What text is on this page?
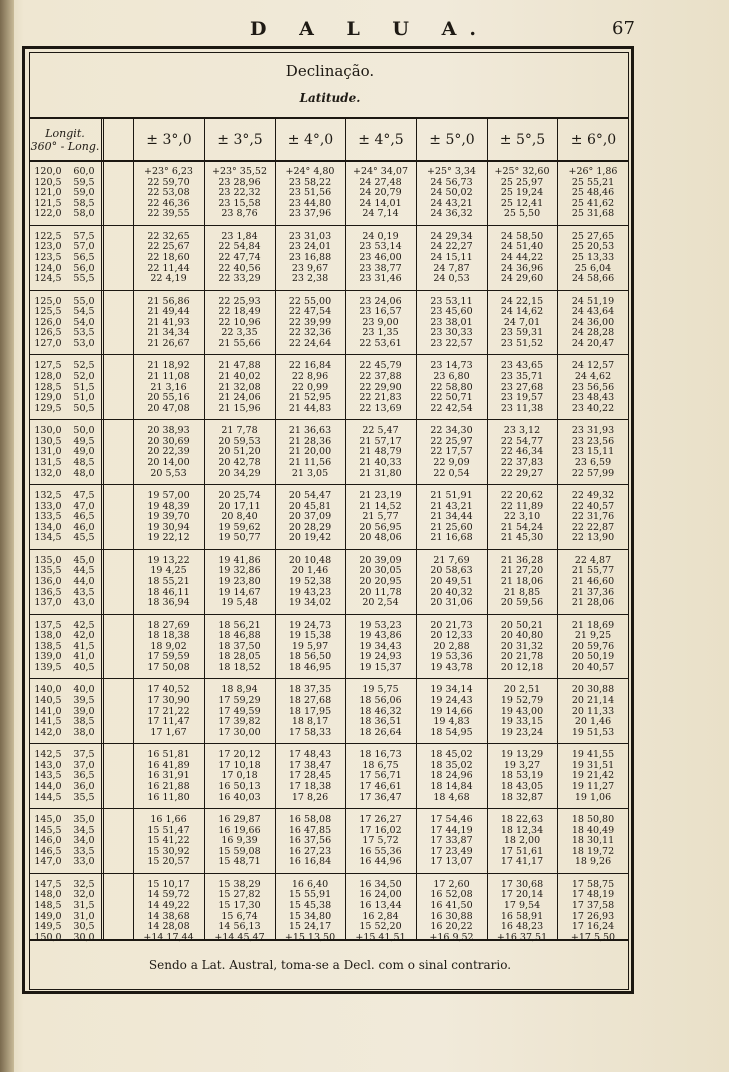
D A L U A.	67
Declinação.
Latitude.
Longit.
360° - Long.	± 3°,0	± 3°,5	± 4°,0	± 4°,5	± 5°,0	± 5°,5	± 6°,0
120,0	60,0	+23° 6,23	+23° 35,52	+24° 4,80	+24° 34,07	+25° 3,34	+25° 32,60	+26° 1,86
120,5	59,5	22 59,70	23 28,96	23 58,22	24 27,48	24 56,73	25 25,97	25 55,21
121,0	59,0	22 53,08	23 22,32	23 51,56	24 20,79	24 50,02	25 19,24	25 48,46
121,5	58,5	22 46,36	23 15,58	23 44,80	24 14,01	24 43,21	25 12,41	25 41,62
122,0	58,0	22 39,55	23 8,76	23 37,96	24 7,14	24 36,32	25 5,50	25 31,68
122,5	57,5	22 32,65	23 1,84	23 31,03	24 0,19	24 29,34	24 58,50	25 27,65
123,0	57,0	22 25,67	22 54,84	23 24,01	23 53,14	24 22,27	24 51,40	25 20,53
123,5	56,5	22 18,60	22 47,74	23 16,88	23 46,00	24 15,11	24 44,22	25 13,33
124,0	56,0	22 11,44	22 40,56	23 9,67	23 38,77	24 7,87	24 36,96	25 6,04
124,5	55,5	22 4,19	22 33,29	23 2,38	23 31,46	24 0,53	24 29,60	24 58,66
125,0	55,0	21 56,86	22 25,93	22 55,00	23 24,06	23 53,11	24 22,15	24 51,19
125,5	54,5	21 49,44	22 18,49	22 47,54	23 16,57	23 45,60	24 14,62	24 43,64
126,0	54,0	21 41,93	22 10,96	22 39,99	23 9,00	23 38,01	24 7,01	24 36,00
126,5	53,5	21 34,34	22 3,35	22 32,36	23 1,35	23 30,33	23 59,31	24 28,28
127,0	53,0	21 26,67	21 55,66	22 24,64	22 53,61	23 22,57	23 51,52	24 20,47
127,5	52,5	21 18,92	21 47,88	22 16,84	22 45,79	23 14,73	23 43,65	24 12,57
128,0	52,0	21 11,08	21 40,02	22 8,96	22 37,88	23 6,80	23 35,71	24 4,62
128,5	51,5	21 3,16	21 32,08	22 0,99	22 29,90	22 58,80	23 27,68	23 56,56
129,0	51,0	20 55,16	21 24,06	21 52,95	22 21,83	22 50,71	23 19,57	23 48,43
129,5	50,5	20 47,08	21 15,96	21 44,83	22 13,69	22 42,54	23 11,38	23 40,22
130,0	50,0	20 38,93	21 7,78	21 36,63	22 5,47	22 34,30	23 3,12	23 31,93
130,5	49,5	20 30,69	20 59,53	21 28,36	21 57,17	22 25,97	22 54,77	23 23,56
131,0	49,0	20 22,39	20 51,20	21 20,00	21 48,79	22 17,57	22 46,34	23 15,11
131,5	48,5	20 14,00	20 42,78	21 11,56	21 40,33	22 9,09	22 37,83	23 6,59
132,0	48,0	20 5,53	20 34,29	21 3,05	21 31,80	22 0,54	22 29,27	22 57,99
132,5	47,5	19 57,00	20 25,74	20 54,47	21 23,19	21 51,91	22 20,62	22 49,32
133,0	47,0	19 48,39	20 17,11	20 45,81	21 14,52	21 43,21	22 11,89	22 40,57
133,5	46,5	19 39,70	20 8,40	20 37,09	21 5,77	21 34,44	22 3,10	22 31,76
134,0	46,0	19 30,94	19 59,62	20 28,29	20 56,95	21 25,60	21 54,24	22 22,87
134,5	45,5	19 22,12	19 50,77	20 19,42	20 48,06	21 16,68	21 45,30	22 13,90
135,0	45,0	19 13,22	19 41,86	20 10,48	20 39,09	21 7,69	21 36,28	22 4,87
135,5	44,5	19 4,25	19 32,86	20 1,46	20 30,05	20 58,63	21 27,20	21 55,77
136,0	44,0	18 55,21	19 23,80	19 52,38	20 20,95	20 49,51	21 18,06	21 46,60
136,5	43,5	18 46,11	19 14,67	19 43,23	20 11,78	20 40,32	21 8,85	21 37,36
137,0	43,0	18 36,94	19 5,48	19 34,02	20 2,54	20 31,06	20 59,56	21 28,06
137,5	42,5	18 27,69	18 56,21	19 24,73	19 53,23	20 21,73	20 50,21	21 18,69
138,0	42,0	18 18,38	18 46,88	19 15,38	19 43,86	20 12,33	20 40,80	21 9,25
138,5	41,5	18 9,02	18 37,50	19 5,97	19 34,43	20 2,88	20 31,32	20 59,76
139,0	41,0	17 59,59	18 28,05	18 56,50	19 24,93	19 53,36	20 21,78	20 50,19
139,5	40,5	17 50,08	18 18,52	18 46,95	19 15,37	19 43,78	20 12,18	20 40,57
140,0	40,0	17 40,52	18 8,94	18 37,35	19 5,75	19 34,14	20 2,51	20 30,88
140,5	39,5	17 30,90	17 59,29	18 27,68	18 56,06	19 24,43	19 52,79	20 21,14
141,0	39,0	17 21,22	17 49,59	18 17,95	18 46,32	19 14,66	19 43,00	20 11,33
141,5	38,5	17 11,47	17 39,82	18 8,17	18 36,51	19 4,83	19 33,15	20 1,46
142,0	38,0	17 1,67	17 30,00	17 58,33	18 26,64	18 54,95	19 23,24	19 51,53
142,5	37,5	16 51,81	17 20,12	17 48,43	18 16,73	18 45,02	19 13,29	19 41,55
143,0	37,0	16 41,89	17 10,18	17 38,47	18 6,75	18 35,02	19 3,27	19 31,51
143,5	36,5	16 31,91	17 0,18	17 28,45	17 56,71	18 24,96	18 53,19	19 21,42
144,0	36,0	16 21,88	16 50,13	17 18,38	17 46,61	18 14,84	18 43,05	19 11,27
144,5	35,5	16 11,80	16 40,03	17 8,26	17 36,47	18 4,68	18 32,87	19 1,06
145,0	35,0	16 1,66	16 29,87	16 58,08	17 26,27	17 54,46	18 22,63	18 50,80
145,5	34,5	15 51,47	16 19,66	16 47,85	17 16,02	17 44,19	18 12,34	18 40,49
146,0	34,0	15 41,22	16 9,39	16 37,56	17 5,72	17 33,87	18 2,00	18 30,11
146,5	33,5	15 30,92	15 59,08	16 27,23	16 55,36	17 23,49	17 51,61	18 19,72
147,0	33,0	15 20,57	15 48,71	16 16,84	16 44,96	17 13,07	17 41,17	18 9,26
147,5	32,5	15 10,17	15 38,29	16 6,40	16 34,50	17 2,60	17 30,68	17 58,75
148,0	32,0	14 59,72	15 27,82	15 55,91	16 24,00	16 52,08	17 20,14	17 48,19
148,5	31,5	14 49,22	15 17,30	15 45,38	16 13,44	16 41,50	17 9,54	17 37,58
149,0	31,0	14 38,68	15 6,74	15 34,80	16 2,84	16 30,88	16 58,91	17 26,93
149,5	30,5	14 28,08	14 56,13	15 24,17	15 52,20	16 20,22	16 48,23	17 16,24
150,0	30,0	+14 17,44	+14 45,47	+15 13,50	+15 41,51	+16 9,52	+16 37,51	+17 5,50
Sendo a Lat. Austral, toma-se a Decl. com o sinal contrario.
